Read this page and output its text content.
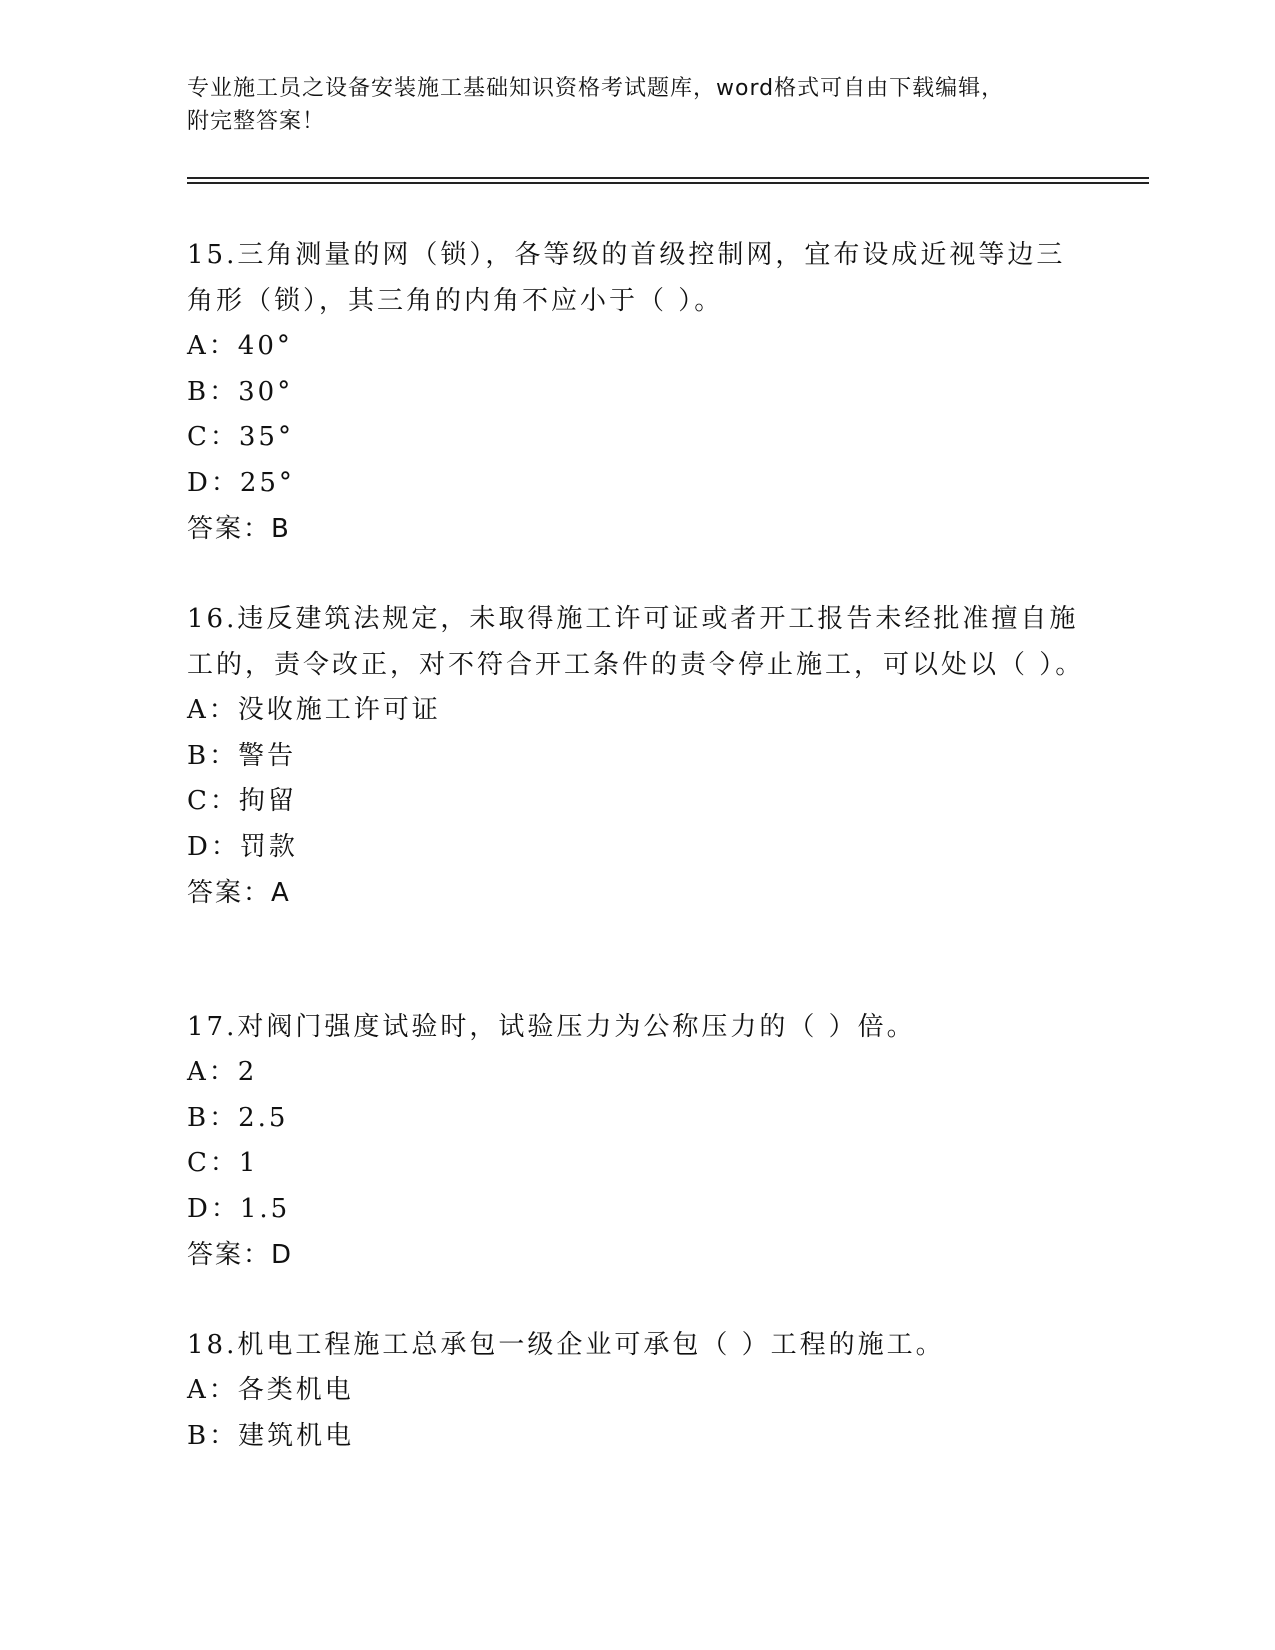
专业施工员之设备安装施工基础知识资格考试题库，word格式可自由下载编辑，
附完整答案！

15.三角测量的网（锁），各等级的首级控制网，宜布设成近视等边三角形（锁），其三角的内角不应小于（ ）。

A：40°
B：30°
C：35°
D：25°
答案：B

16.违反建筑法规定，未取得施工许可证或者开工报告未经批准擅自施工的，责令改正，对不符合开工条件的责令停止施工，可以处以（ ）。

A：没收施工许可证
B：警告
C：拘留
D：罚款
答案：A

17.对阀门强度试验时，试验压力为公称压力的（ ）倍。

A：2
B：2.5
C：1
D：1.5
答案：D

18.机电工程施工总承包一级企业可承包（ ）工程的施工。

A：各类机电
B：建筑机电
